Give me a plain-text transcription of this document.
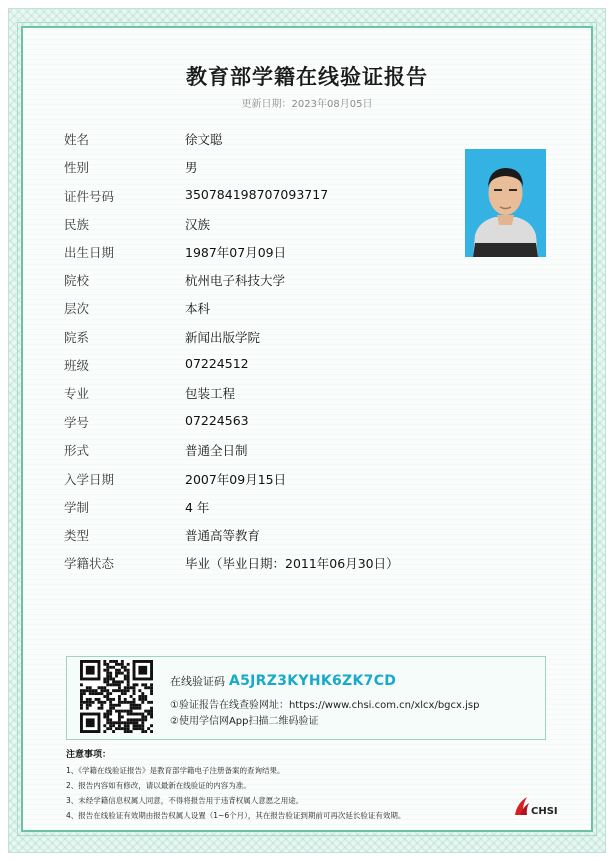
教育部学籍在线验证报告
更新日期：2023年08月05日
姓名	徐文聪
性别	男
证件号码	350784198707093717
民族	汉族
出生日期	1987年07月09日
院校	杭州电子科技大学
层次	本科
院系	新闻出版学院
班级	07224512
专业	包装工程
学号	07224563
形式	普通全日制
入学日期	2007年09月15日
学制	4 年
类型	普通高等教育
学籍状态	毕业（毕业日期：2011年06月30日）
在线验证码 A5JRZ3KYHK6ZK7CD
①验证报告在线查验网址：https://www.chsi.com.cn/xlcx/bgcx.jsp
②使用学信网App扫描二维码验证
注意事项：
1、《学籍在线验证报告》是教育部学籍电子注册备案的查询结果。
2、报告内容如有修改，请以最新在线验证的内容为准。
3、未经学籍信息权属人同意，不得将报告用于违背权属人意愿之用途。
4、报告在线验证有效期由报告权属人设置（1~6个月），其在报告验证到期前可再次延长验证有效期。	CHSI
